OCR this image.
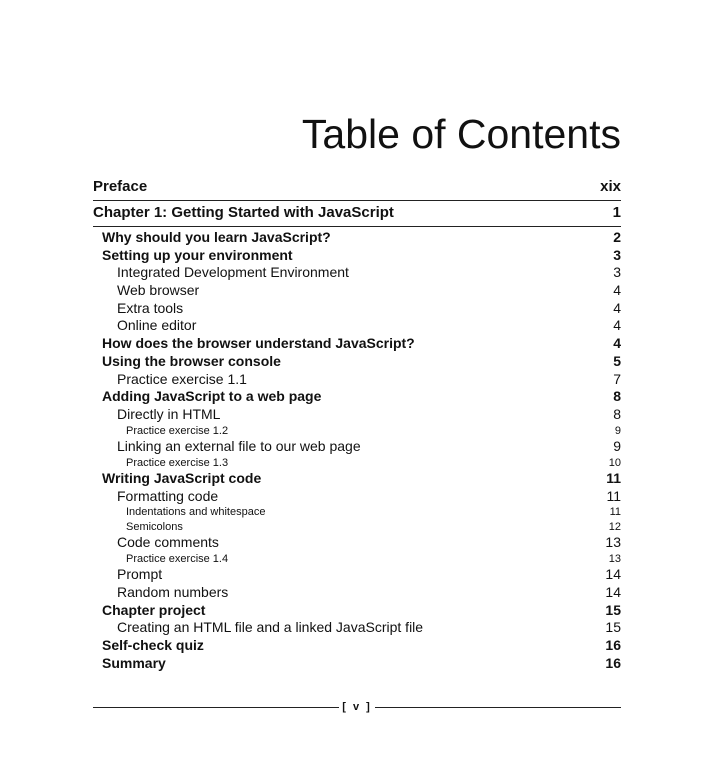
Table of Contents
Preface	xix
Chapter 1: Getting Started with JavaScript	1
Why should you learn JavaScript?	2
Setting up your environment	3
Integrated Development Environment	3
Web browser	4
Extra tools	4
Online editor	4
How does the browser understand JavaScript?	4
Using the browser console	5
Practice exercise 1.1	7
Adding JavaScript to a web page	8
Directly in HTML	8
Practice exercise 1.2	9
Linking an external file to our web page	9
Practice exercise 1.3	10
Writing JavaScript code	11
Formatting code	11
Indentations and whitespace	11
Semicolons	12
Code comments	13
Practice exercise 1.4	13
Prompt	14
Random numbers	14
Chapter project	15
Creating an HTML file and a linked JavaScript file	15
Self-check quiz	16
Summary	16
[ v ]
